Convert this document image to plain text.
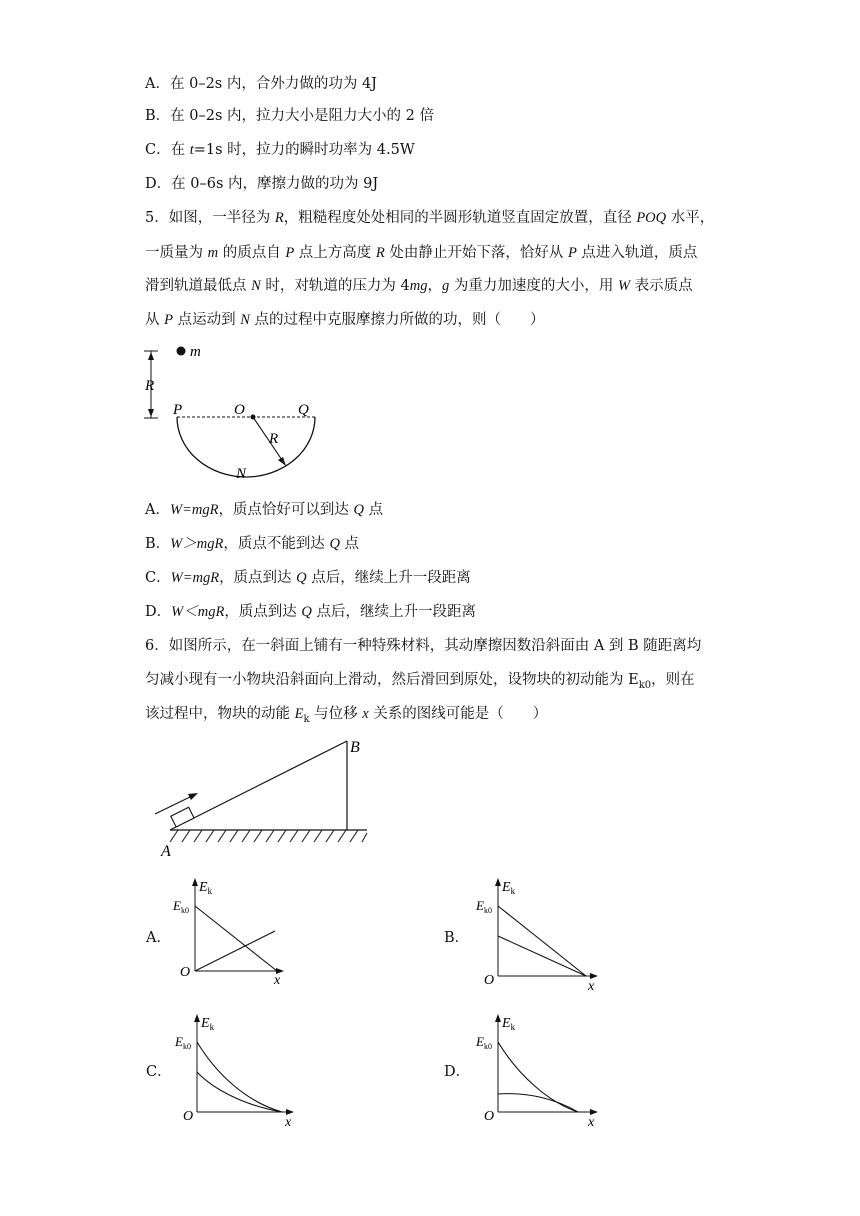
A．在 0–2s 内，合外力做的功为 4J
B．在 0–2s 内，拉力大小是阻力大小的 2 倍
C．在 t=1s 时，拉力的瞬时功率为 4.5W
D．在 0–6s 内，摩擦力做的功为 9J
5．如图，一半径为 R，粗糙程度处处相同的半圆形轨道竖直固定放置，直径 POQ 水平，
一质量为 m 的质点自 P 点上方高度 R 处由静止开始下落，恰好从 P 点进入轨道，质点
滑到轨道最低点 N 时，对轨道的压力为 4mg，g 为重力加速度的大小，用 W 表示质点
从 P 点运动到 N 点的过程中克服摩擦力所做的功，则（　　）
m
R
P	O	Q
R
N
A．W=mgR，质点恰好可以到达 Q 点
B．W＞mgR，质点不能到达 Q 点
C．W=mgR，质点到达 Q 点后，继续上升一段距离
D．W＜mgR，质点到达 Q 点后，继续上升一段距离
6．如图所示，在一斜面上铺有一种特殊材料，其动摩擦因数沿斜面由 A 到 B 随距离均
匀减小现有一小物块沿斜面向上滑动，然后滑回到原处，设物块的初动能为 $E_{k0}$，则在
该过程中，物块的动能 $E_k$ 与位移 x 关系的图线可能是（　　）
A
B
A．
$E_k$
$E_{k0}$
O
x
B．
$E_k$
$E_{k0}$
O	x
C．
$E_k$
$E_{k0}$
O	x
D．
$E_k$
$E_{k0}$
O	x
